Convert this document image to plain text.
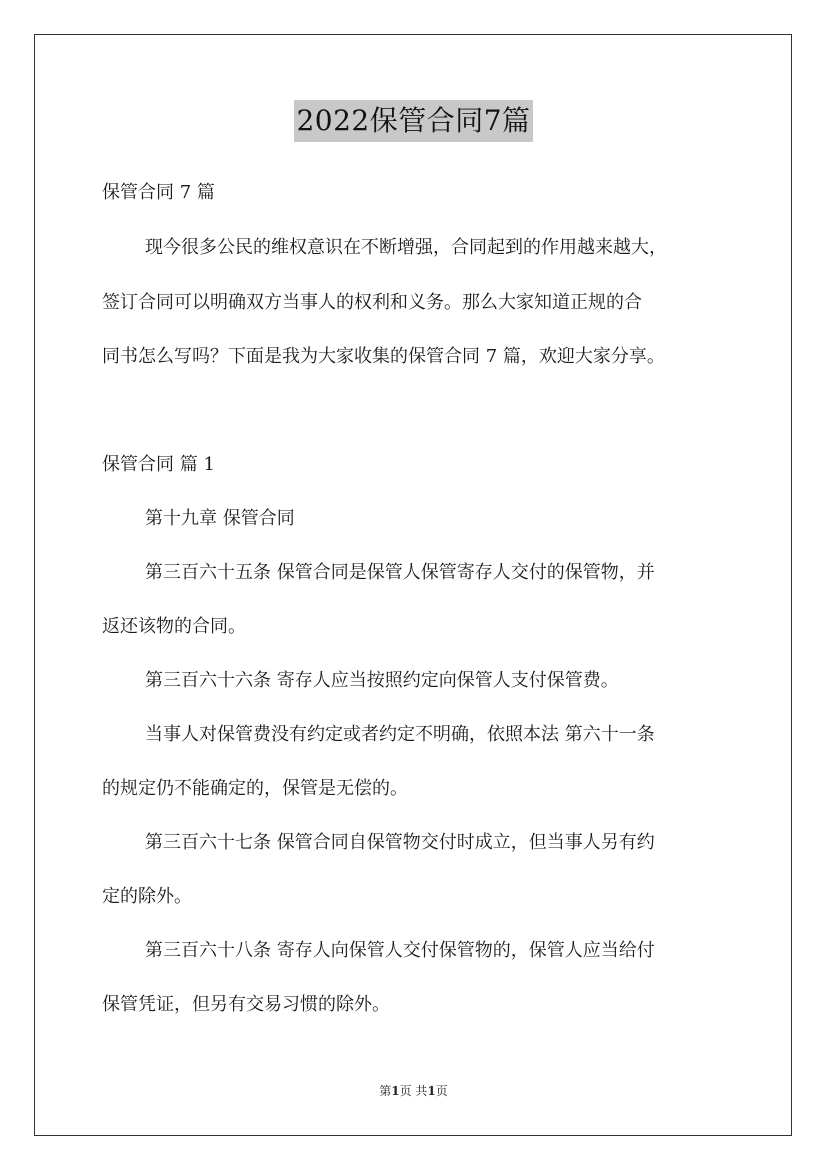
2022保管合同7篇
保管合同 7 篇
现今很多公民的维权意识在不断增强，合同起到的作用越来越大，
签订合同可以明确双方当事人的权利和义务。那么大家知道正规的合
同书怎么写吗？下面是我为大家收集的保管合同 7 篇，欢迎大家分享。
保管合同 篇 1
第十九章 保管合同
第三百六十五条 保管合同是保管人保管寄存人交付的保管物，并
返还该物的合同。
第三百六十六条 寄存人应当按照约定向保管人支付保管费。
当事人对保管费没有约定或者约定不明确，依照本法 第六十一条
的规定仍不能确定的，保管是无偿的。
第三百六十七条 保管合同自保管物交付时成立，但当事人另有约
定的除外。
第三百六十八条 寄存人向保管人交付保管物的，保管人应当给付
保管凭证，但另有交易习惯的除外。
第1页 共1页
